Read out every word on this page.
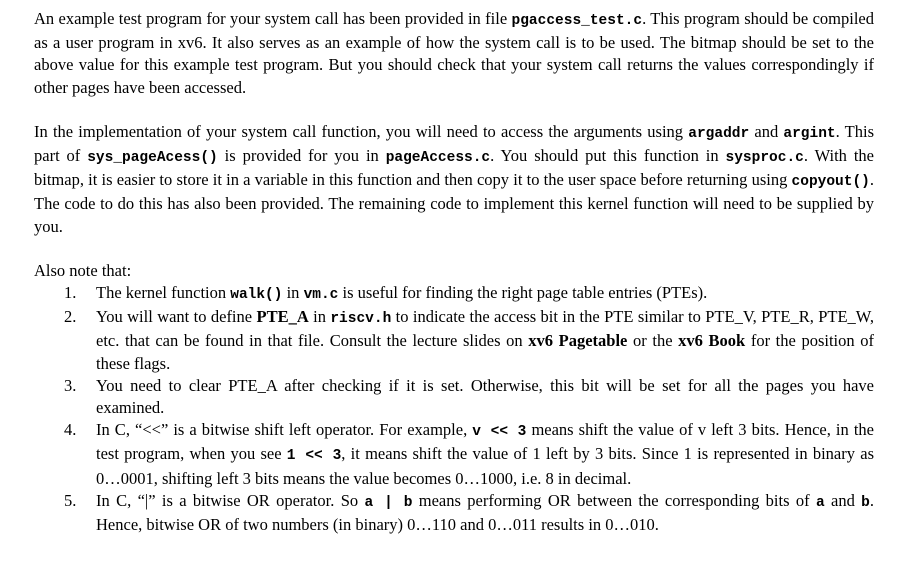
An example test program for your system call has been provided in file pgaccess_test.c. This program should be compiled as a user program in xv6. It also serves as an example of how the system call is to be used. The bitmap should be set to the above value for this example test program. But you should check that your system call returns the values correspondingly if other pages have been accessed.

In the implementation of your system call function, you will need to access the arguments using argaddr and argint. This part of sys_pageAcess() is provided for you in pageAccess.c. You should put this function in sysproc.c. With the bitmap, it is easier to store it in a variable in this function and then copy it to the user space before returning using copyout(). The code to do this has also been provided. The remaining code to implement this kernel function will need to be supplied by you.

Also note that:

1. The kernel function walk() in vm.c is useful for finding the right page table entries (PTEs).
2. You will want to define PTE_A in riscv.h to indicate the access bit in the PTE similar to PTE_V, PTE_R, PTE_W, etc. that can be found in that file. Consult the lecture slides on xv6 Pagetable or the xv6 Book for the position of these flags.
3. You need to clear PTE_A after checking if it is set. Otherwise, this bit will be set for all the pages you have examined.
4. In C, “<<” is a bitwise shift left operator. For example, v << 3 means shift the value of v left 3 bits. Hence, in the test program, when you see 1 << 3, it means shift the value of 1 left by 3 bits. Since 1 is represented in binary as 0…0001, shifting left 3 bits means the value becomes 0…1000, i.e. 8 in decimal.
5. In C, “|” is a bitwise OR operator. So a | b means performing OR between the corresponding bits of a and b. Hence, bitwise OR of two numbers (in binary) 0…110 and 0…011 results in 0…010.
